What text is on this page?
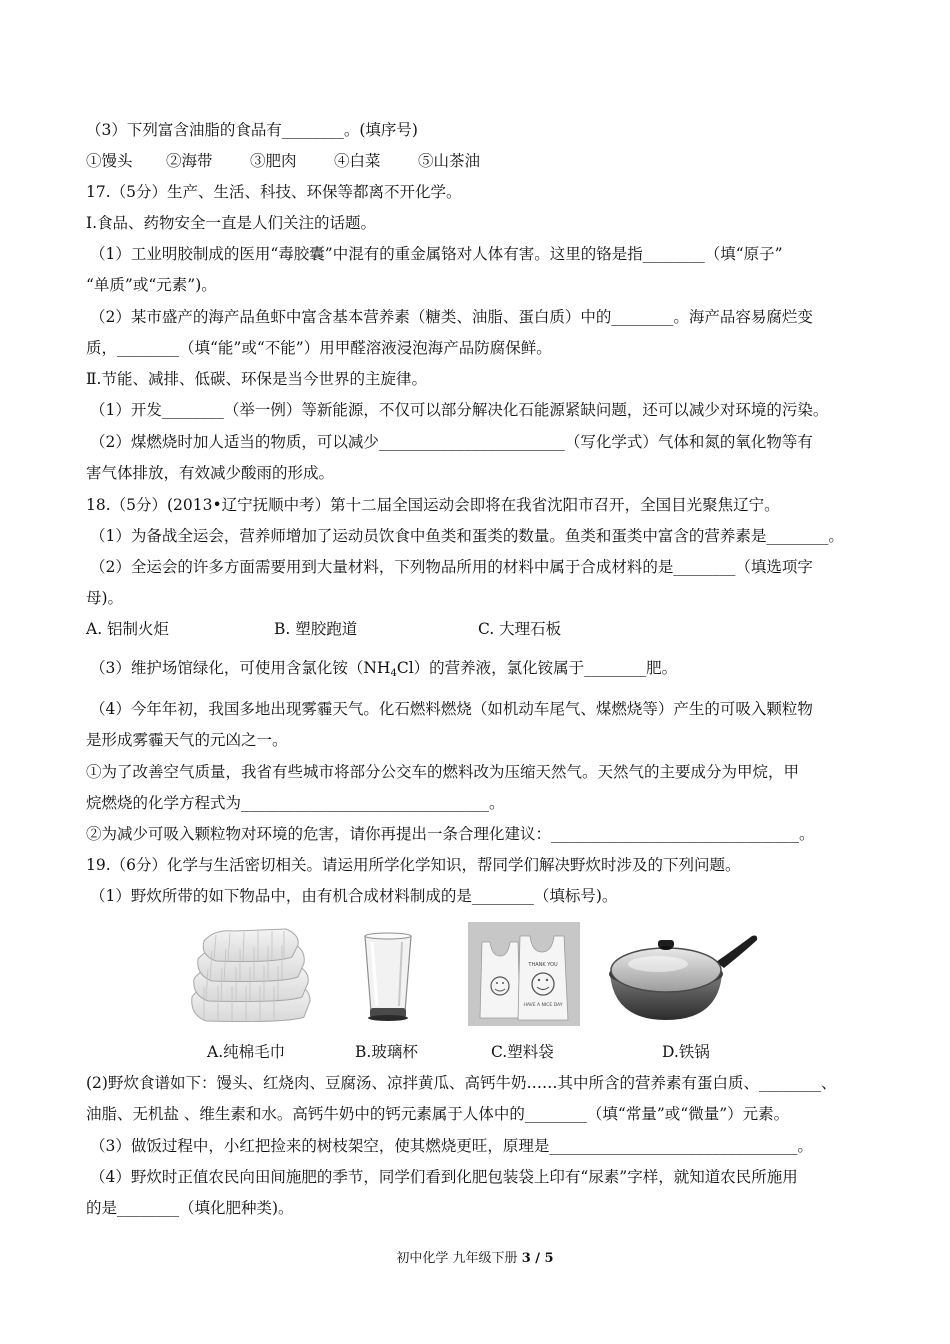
（3）下列富含油脂的食品有________。(填序号)
①馒头 ②海带 ③肥肉 ④白菜 ⑤山茶油
17.（5分）生产、生活、科技、环保等都离不开化学。
Ⅰ.食品、药物安全一直是人们关注的话题。
（1）工业明胶制成的医用“毒胶囊”中混有的重金属铬对人体有害。这里的铬是指________（填“原子”
“单质”或“元素”)。
（2）某市盛产的海产品鱼虾中富含基本营养素（糖类、油脂、蛋白质）中的________。海产品容易腐烂变
质，________（填“能”或“不能”）用甲醛溶液浸泡海产品防腐保鲜。
Ⅱ.节能、减排、低碳、环保是当今世界的主旋律。
（1）开发________（举一例）等新能源，不仅可以部分解决化石能源紧缺问题，还可以减少对环境的污染。
（2）煤燃烧时加人适当的物质，可以减少________________________（写化学式）气体和氮的氧化物等有
害气体排放，有效减少酸雨的形成。
18.（5分）(2013•辽宁抚顺中考）第十二届全国运动会即将在我省沈阳市召开，全国目光聚焦辽宁。
（1）为备战全运会，营养师增加了运动员饮食中鱼类和蛋类的数量。鱼类和蛋类中富含的营养素是________。
（2）全运会的许多方面需要用到大量材料，下列物品所用的材料中属于合成材料的是________（填选项字
母)。
A. 铝制火炬	B. 塑胶跑道	C. 大理石板
（3）维护场馆绿化，可使用含氯化铵$(NH_4Cl)$的营养液，氯化铵属于________肥。
（4）今年年初，我国多地出现雾霾天气。化石燃料燃烧（如机动车尾气、煤燃烧等）产生的可吸入颗粒物
是形成雾霾天气的元凶之一。
①为了改善空气质量，我省有些城市将部分公交车的燃料改为压缩天然气。天然气的主要成分为甲烷，甲
烷燃烧的化学方程式为________________________________。
②为减少可吸入颗粒物对环境的危害，请你再提出一条合理化建议：________________________________。
19.（6分）化学与生活密切相关。请运用所学化学知识，帮同学们解决野炊时涉及的下列问题。
（1）野炊所带的如下物品中，由有机合成材料制成的是________（填标号)。
THANK YOU
HAVE A NICE DAY
A.纯棉毛巾	B.玻璃杯	C.塑料袋	D.铁锅
(2)野炊食谱如下：馒头、红烧肉、豆腐汤、凉拌黄瓜、高钙牛奶……其中所含的营养素有蛋白质、________、
油脂、无机盐 、维生素和水。高钙牛奶中的钙元素属于人体中的________（填“常量”或“微量”）元素。
（3）做饭过程中，小红把捡来的树枝架空，使其燃烧更旺，原理是________________________________。
（4）野炊时正值农民向田间施肥的季节，同学们看到化肥包装袋上印有“尿素”字样，就知道农民所施用
的是________（填化肥种类)。
初中化学 九年级下册 3 / 5
